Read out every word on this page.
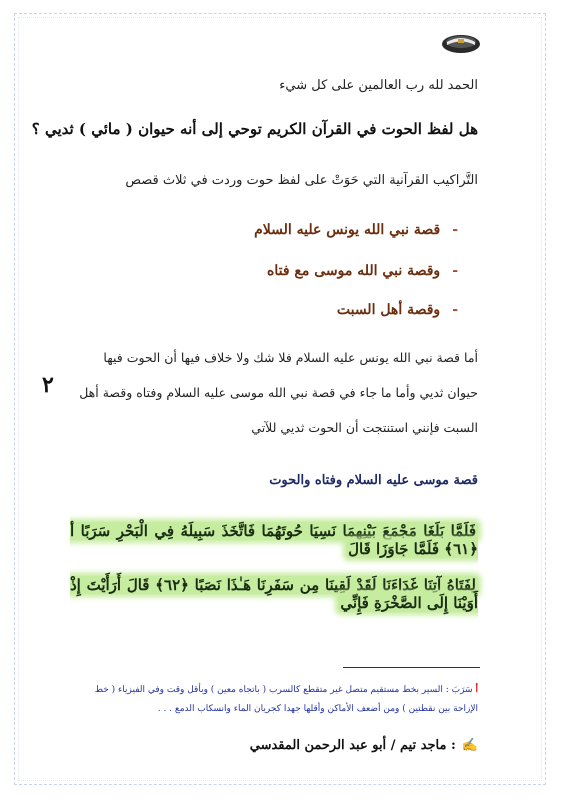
الحمد لله رب العالمين على كل شيء
هل لفظ الحوت في القرآن الكريم توحي إلى أنه حيوان ( مائي ) ثديي ؟
التَّراكيب القرآنية التي حَوَتْ على لفظ حوت وردت في ثلاث قصص
-قصة نبي الله يونس عليه السلام
-وقصة نبي الله موسى مع فتاه
-وقصة أهل السبت
٢
أما قصة نبي الله يونس عليه السلام فلا شك ولا خلاف فيها أن الحوت فيها حيوان ثديي وأما ما جاء في قصة نبي الله موسى عليه السلام وفتاه وقصة أهل السبت فإنني استنتجت أن الحوت ثديي للآتي
قصة موسى عليه السلام وفتاه والحوت
فَلَمَّا بَلَغَا مَجْمَعَ بَيْنِهِمَا نَسِيَا حُوتَهُمَا فَاتَّخَذَ سَبِيلَهُ فِي الْبَحْرِ سَرَبًا أ ﴿٦١﴾ فَلَمَّا جَاوَزَا قَالَ
لِفَتَاهُ آتِنَا غَدَاءَنَا لَقَدْ لَقِينَا مِن سَفَرِنَا هَـٰذَا نَصَبًا ﴿٦٢﴾ قَالَ أَرَأَيْتَ إِذْ أَوَيْنَا إِلَى الصَّخْرَةِ فَإِنِّي
أ سَرَبَ : السير بخط مستقيم متصل غير متقطع كالسرب ( باتجاه معين ) وبأقل وقت وفي الفيزياء ( خط الإزاحة بين نقطتين ) ومن أضعف الأماكن وأقلها جهدا كجريان الماء وانسكاب الدمع . . .
✍: ماجد تيم / أبو عبد الرحمن المقدسي
